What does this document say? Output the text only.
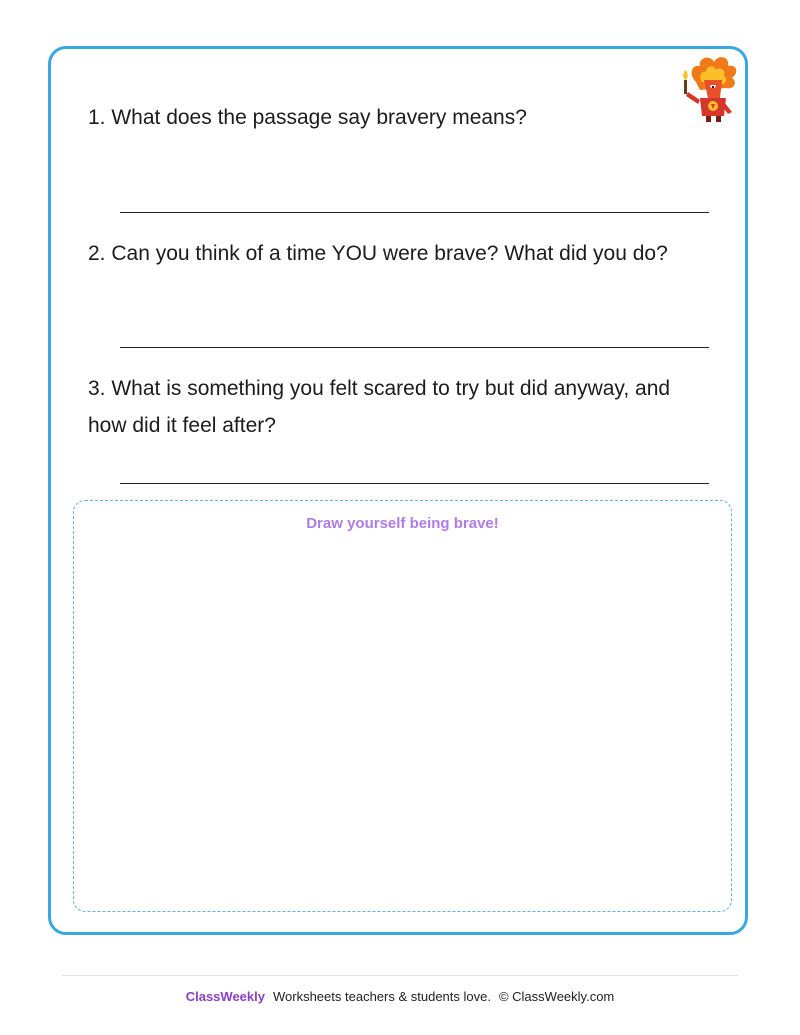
1. What does the passage say bravery means?
2. Can you think of a time YOU were brave? What did you do?
3. What is something you felt scared to try but did anyway, and how did it feel after?
Draw yourself being brave!
ClassWeekly Worksheets teachers & students love. © ClassWeekly.com
